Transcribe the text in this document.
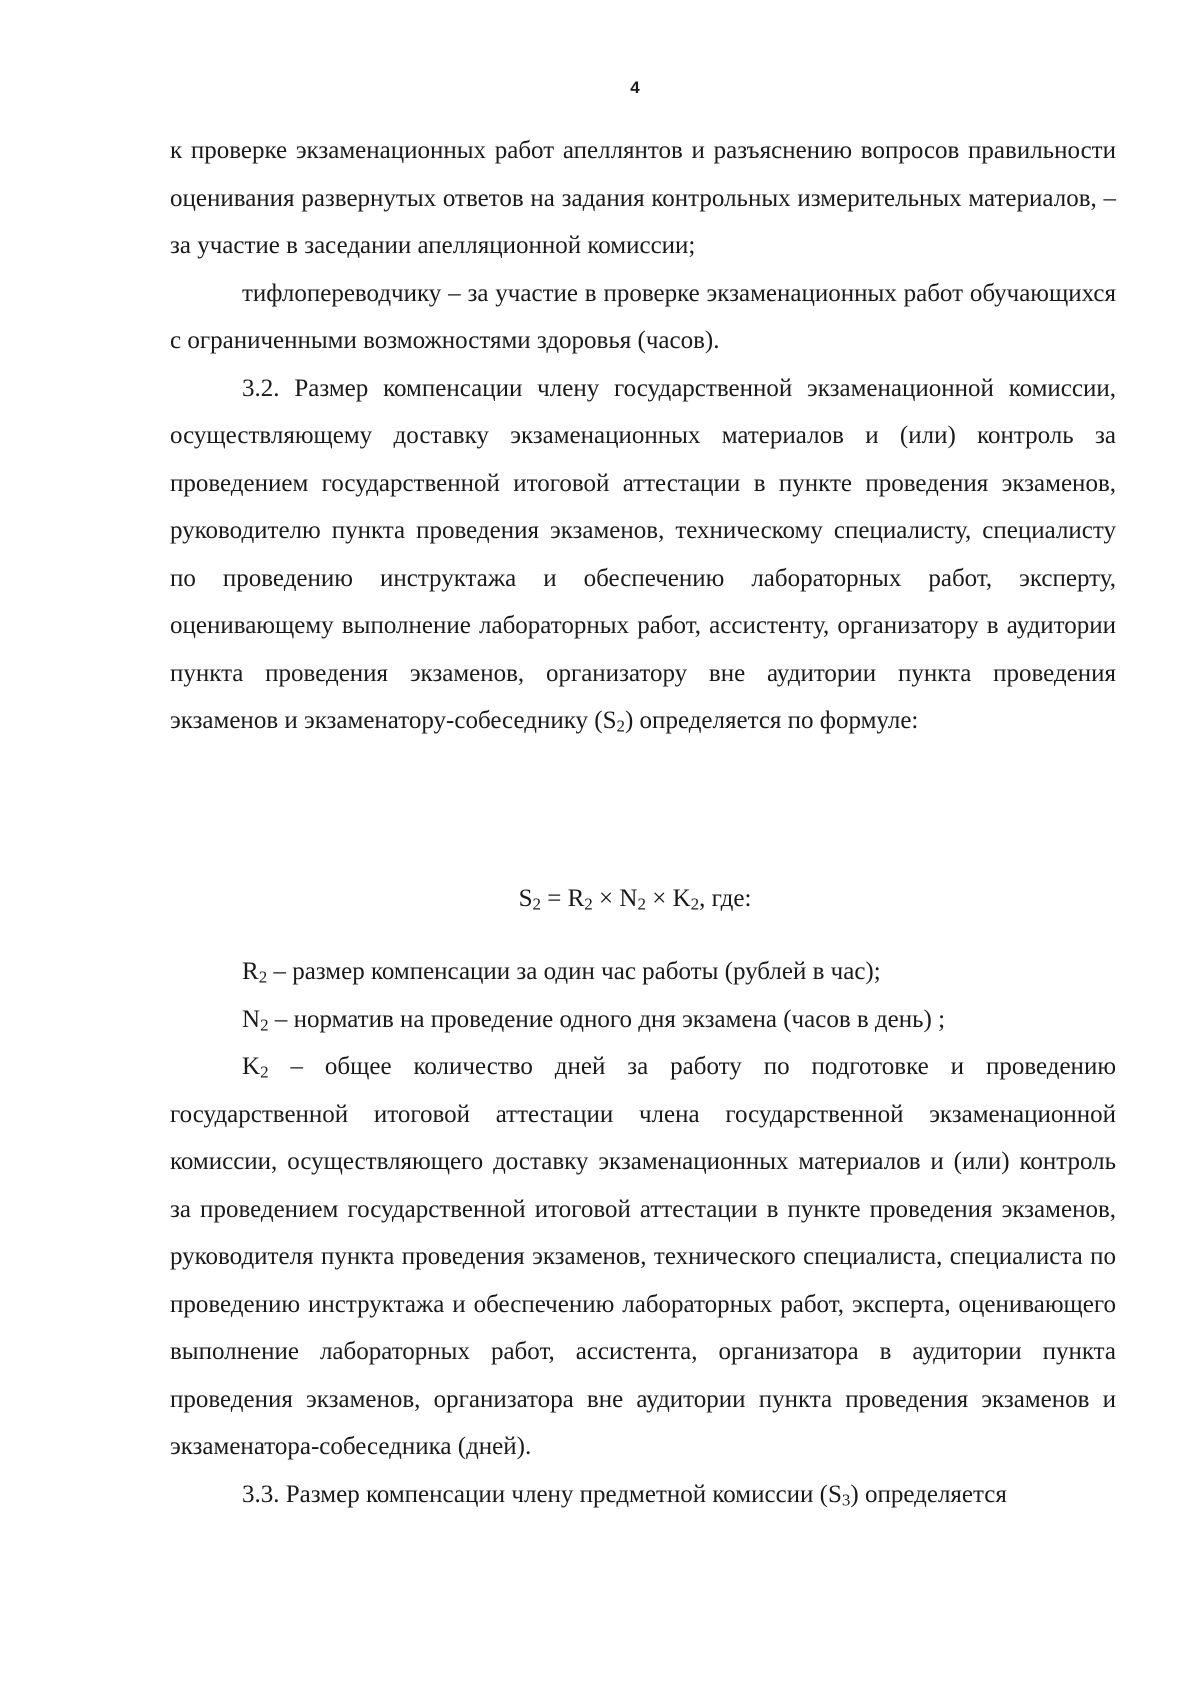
4

к проверке экзаменационных работ апеллянтов и разъяснению вопросов правильности оценивания развернутых ответов на задания контрольных измерительных материалов, – за участие в заседании апелляционной комиссии;

тифлопереводчику – за участие в проверке экзаменационных работ обучающихся с ограниченными возможностями здоровья (часов).

3.2. Размер компенсации члену государственной экзаменационной комиссии, осуществляющему доставку экзаменационных материалов и (или) контроль за проведением государственной итоговой аттестации в пункте проведения экзаменов, руководителю пункта проведения экзаменов, техническому специалисту, специалисту по проведению инструктажа и обеспечению лабораторных работ, эксперту, оценивающему выполнение лабораторных работ, ассистенту, организатору в аудитории пункта проведения экзаменов, организатору вне аудитории пункта проведения экзаменов и экзаменатору-собеседнику $(S_2)$ определяется по формуле:

$S_2 = R_2 \times N_2 \times K_2$, где:

$R_2$ – размер компенсации за один час работы (рублей в час);

$N_2$ – норматив на проведение одного дня экзамена (часов в день) ;

$K_2$ – общее количество дней за работу по подготовке и проведению государственной итоговой аттестации члена государственной экзаменационной комиссии, осуществляющего доставку экзаменационных материалов и (или) контроль за проведением государственной итоговой аттестации в пункте проведения экзаменов, руководителя пункта проведения экзаменов, технического специалиста, специалиста по проведению инструктажа и обеспечению лабораторных работ, эксперта, оценивающего выполнение лабораторных работ, ассистента, организатора в аудитории пункта проведения экзаменов, организатора вне аудитории пункта проведения экзаменов и экзаменатора-собеседника (дней).

3.3. Размер компенсации члену предметной комиссии $(S_3)$ определяется
